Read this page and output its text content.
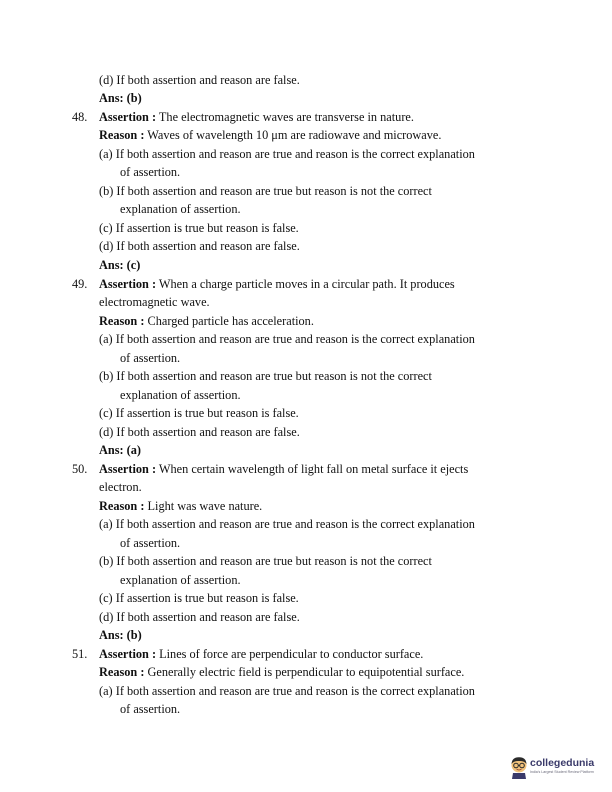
(d) If both assertion and reason are false.
Ans: (b)
48. Assertion : The electromagnetic waves are transverse in nature.
Reason : Waves of wavelength 10 μm are radiowave and microwave.
(a) If both assertion and reason are true and reason is the correct explanation
of assertion.
(b) If both assertion and reason are true but reason is not the correct
explanation of assertion.
(c) If assertion is true but reason is false.
(d) If both assertion and reason are false.
Ans: (c)
49. Assertion : When a charge particle moves in a circular path. It produces
electromagnetic wave.
Reason : Charged particle has acceleration.
(a) If both assertion and reason are true and reason is the correct explanation
of assertion.
(b) If both assertion and reason are true but reason is not the correct
explanation of assertion.
(c) If assertion is true but reason is false.
(d) If both assertion and reason are false.
Ans: (a)
50. Assertion : When certain wavelength of light fall on metal surface it ejects
electron.
Reason : Light was wave nature.
(a) If both assertion and reason are true and reason is the correct explanation
of assertion.
(b) If both assertion and reason are true but reason is not the correct
explanation of assertion.
(c) If assertion is true but reason is false.
(d) If both assertion and reason are false.
Ans: (b)
51. Assertion : Lines of force are perpendicular to conductor surface.
Reason : Generally electric field is perpendicular to equipotential surface.
(a) If both assertion and reason are true and reason is the correct explanation
of assertion.
collegedunia
India's Largest Student Review Platform
